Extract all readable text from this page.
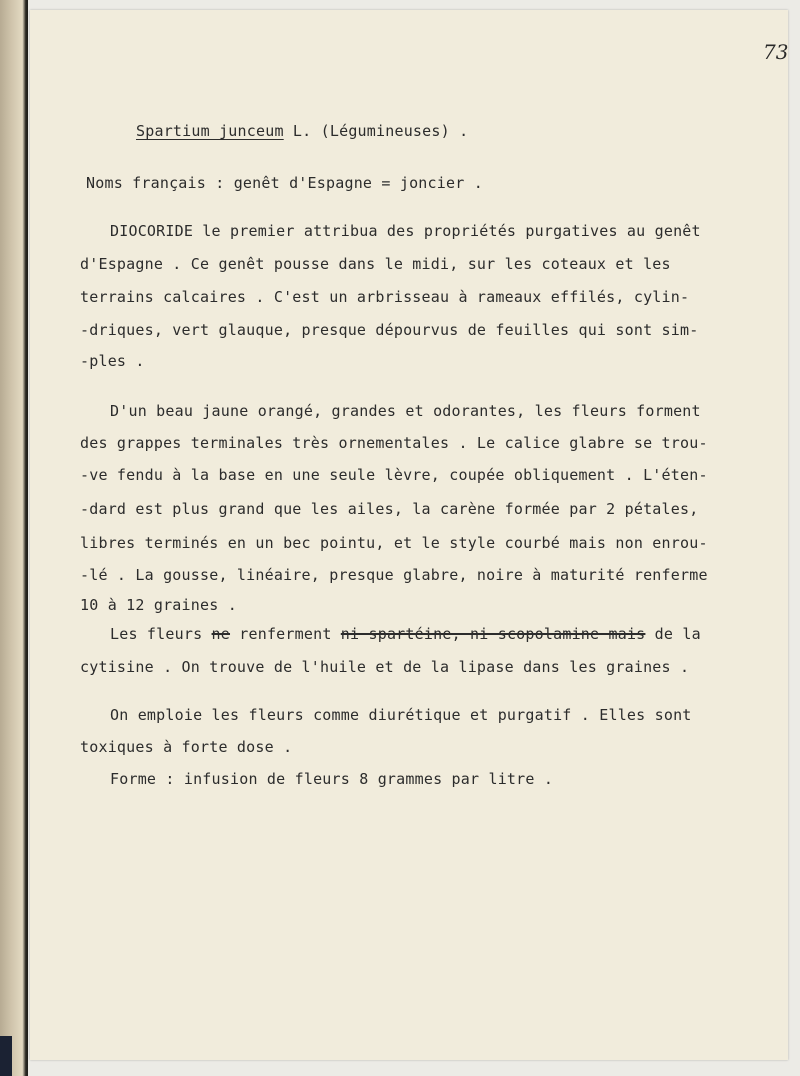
73
Spartium junceum L. (Légumineuses) .
Noms français : genêt d'Espagne = joncier .
DIOCORIDE le premier attribua des propriétés purgatives au genêt
d'Espagne . Ce genêt pousse dans le midi, sur les coteaux et les
terrains calcaires . C'est un arbrisseau à rameaux effilés, cylin-
-driques, vert glauque, presque dépourvus de feuilles qui sont sim-
-ples .
D'un beau jaune orangé, grandes et odorantes, les fleurs forment
des grappes terminales très ornementales . Le calice glabre se trou-
-ve fendu à la base en une seule lèvre, coupée obliquement . L'éten-
-dard est plus grand que les ailes, la carène formée par 2 pétales,
libres terminés en un bec pointu, et le style courbé mais non enrou-
-lé . La gousse, linéaire, presque glabre, noire à maturité renferme
10 à 12 graines .
Les fleurs ne renferment ni spartéine, ni scopolamine mais de la
cytisine . On trouve de l'huile et de la lipase dans les graines .
On emploie les fleurs comme diurétique et purgatif . Elles sont
toxiques à forte dose .
Forme : infusion de fleurs 8 grammes par litre .
